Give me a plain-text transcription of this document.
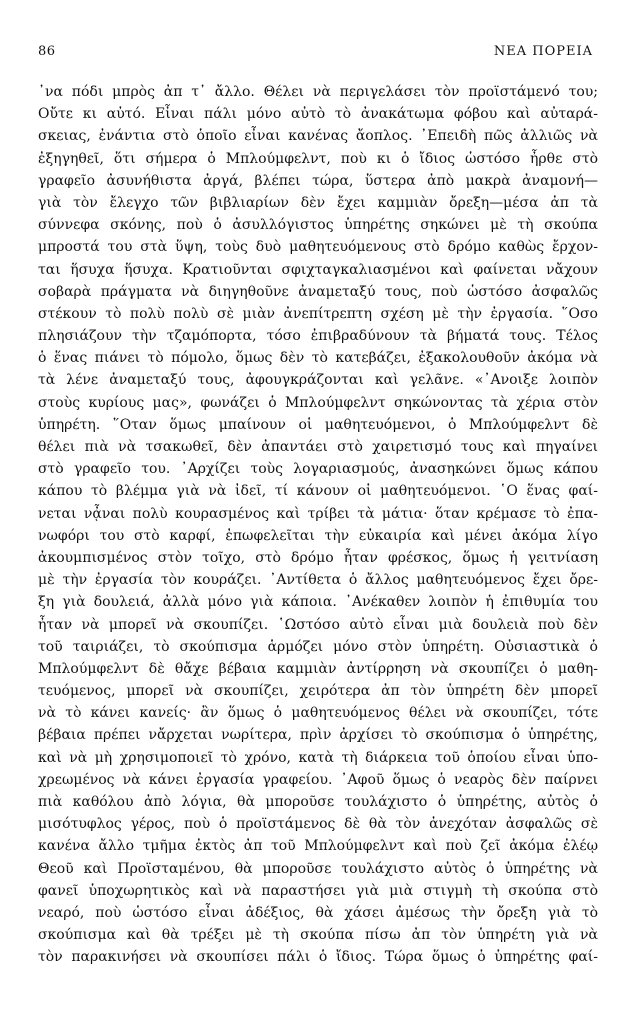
86	ΝΕΑ ΠΟΡΕΙΑ
᾽να πόδι μπρὸς ἀπ τ᾽ ἄλλο. Θέλει νὰ περιγελάσει τὸν προϊστάμενό του;
Οὔτε κι αὐτό. Εἶναι πάλι μόνο αὐτὸ τὸ ἀνακάτωμα φόβου καὶ αὐταρά-
σκειας, ἐνάντια στὸ ὁποῖο εἶναι κανένας ἄοπλος. ᾽Επειδὴ πῶς ἀλλιῶς νὰ
ἐξηγηθεῖ, ὅτι σήμερα ὁ Μπλούμφελντ, ποὺ κι ὁ ἴδιος ὡστόσο ἦρθε στὸ
γραφεῖο ἀσυνήθιστα ἀργά, βλέπει τώρα, ὕστερα ἀπὸ μακρὰ ἀναμονή—
γιὰ τὸν ἔλεγχο τῶν βιβλιαρίων δὲν ἔχει καμμιὰν ὄρεξη—μέσα ἀπ τὰ
σύννεφα σκόνης, ποὺ ὁ ἀσυλλόγιστος ὑπηρέτης σηκώνει μὲ τὴ σκούπα
μπροστά του στὰ ὕψη, τοὺς δυὸ μαθητευόμενους στὸ δρόμο καθὼς ἔρχον-
ται ἥσυχα ἥσυχα. Κρατιοῦνται σφιχταγκαλιασμένοι καὶ φαίνεται νἄχουν
σοβαρὰ πράγματα νὰ διηγηθοῦνε ἀναμεταξύ τους, ποὺ ὡστόσο ἀσφαλῶς
στέκουν τὸ πολὺ πολὺ σὲ μιὰν ἀνεπίτρεπτη σχέση μὲ τὴν ἐργασία. ῞Οσο
πλησιάζουν τὴν τζαμόπορτα, τόσο ἐπιβραδύνουν τὰ βήματά τους. Τέλος
ὁ ἕνας πιάνει τὸ πόμολο, ὅμως δὲν τὸ κατεβάζει, ἐξακολουθοῦν ἀκόμα νὰ
τὰ λένε ἀναμεταξύ τους, ἀφουγκράζονται καὶ γελᾶνε. «᾽Ανοιξε λοιπὸν
στοὺς κυρίους μας», φωνάζει ὁ Μπλούμφελντ σηκώνοντας τὰ χέρια στὸν
ὑπηρέτη. ῞Οταν ὅμως μπαίνουν οἱ μαθητευόμενοι, ὁ Μπλούμφελντ δὲ
θέλει πιὰ νὰ τσακωθεῖ, δὲν ἀπαντάει στὸ χαιρετισμό τους καὶ πηγαίνει
στὸ γραφεῖο του. ᾽Αρχίζει τοὺς λογαριασμούς, ἀνασηκώνει ὅμως κάπου
κάπου τὸ βλέμμα γιὰ νὰ ἰδεῖ, τί κάνουν οἱ μαθητευόμενοι. ῾Ο ἕνας φαί-
νεται νᾆναι πολὺ κουρασμένος καὶ τρίβει τὰ μάτια· ὅταν κρέμασε τὸ ἐπα-
νωφόρι του στὸ καρφί, ἐπωφελεῖται τὴν εὐκαιρία καὶ μένει ἀκόμα λίγο
ἀκουμπισμένος στὸν τοῖχο, στὸ δρόμο ἦταν φρέσκος, ὅμως ἡ γειτνίαση
μὲ τὴν ἐργασία τὸν κουράζει. ᾽Αντίθετα ὁ ἄλλος μαθητευόμενος ἔχει ὄρε-
ξη γιὰ δουλειά, ἀλλὰ μόνο γιὰ κάποια. ᾽Ανέκαθεν λοιπὸν ἡ ἐπιθυμία του
ἦταν νὰ μπορεῖ νὰ σκουπίζει. ῾Ωστόσο αὐτὸ εἶναι μιὰ δουλειὰ ποὺ δὲν
τοῦ ταιριάζει, τὸ σκούπισμα ἁρμόζει μόνο στὸν ὑπηρέτη. Οὐσιαστικὰ ὁ
Μπλούμφελντ δὲ θἄχε βέβαια καμμιὰν ἀντίρρηση νὰ σκουπίζει ὁ μαθη-
τευόμενος, μπορεῖ νὰ σκουπίζει, χειρότερα ἀπ τὸν ὑπηρέτη δὲν μπορεῖ
νὰ τὸ κάνει κανείς· ἂν ὅμως ὁ μαθητευόμενος θέλει νὰ σκουπίζει, τότε
βέβαια πρέπει νἄρχεται νωρίτερα, πρὶν ἀρχίσει τὸ σκούπισμα ὁ ὑπηρέτης,
καὶ νὰ μὴ χρησιμοποιεῖ τὸ χρόνο, κατὰ τὴ διάρκεια τοῦ ὁποίου εἶναι ὑπο-
χρεωμένος νὰ κάνει ἐργασία γραφείου. ᾽Αφοῦ ὅμως ὁ νεαρὸς δὲν παίρνει
πιὰ καθόλου ἀπὸ λόγια, θὰ μποροῦσε τουλάχιστο ὁ ὑπηρέτης, αὐτὸς ὁ
μισότυφλος γέρος, ποὺ ὁ προϊστάμενος δὲ θὰ τὸν ἀνεχόταν ἀσφαλῶς σὲ
κανένα ἄλλο τμῆμα ἐκτὸς ἀπ τοῦ Μπλούμφελντ καὶ ποὺ ζεῖ ἀκόμα ἐλέῳ
Θεοῦ καὶ Προϊσταμένου, θὰ μποροῦσε τουλάχιστο αὐτὸς ὁ ὑπηρέτης νὰ
φανεῖ ὑποχωρητικὸς καὶ νὰ παραστήσει γιὰ μιὰ στιγμὴ τὴ σκούπα στὸ
νεαρό, ποὺ ὡστόσο εἶναι ἀδέξιος, θὰ χάσει ἀμέσως τὴν ὄρεξη γιὰ τὸ
σκούπισμα καὶ θὰ τρέξει μὲ τὴ σκούπα πίσω ἀπ τὸν ὑπηρέτη γιὰ νὰ
τὸν παρακινήσει νὰ σκουπίσει πάλι ὁ ἴδιος. Τώρα ὅμως ὁ ὑπηρέτης φαί-
